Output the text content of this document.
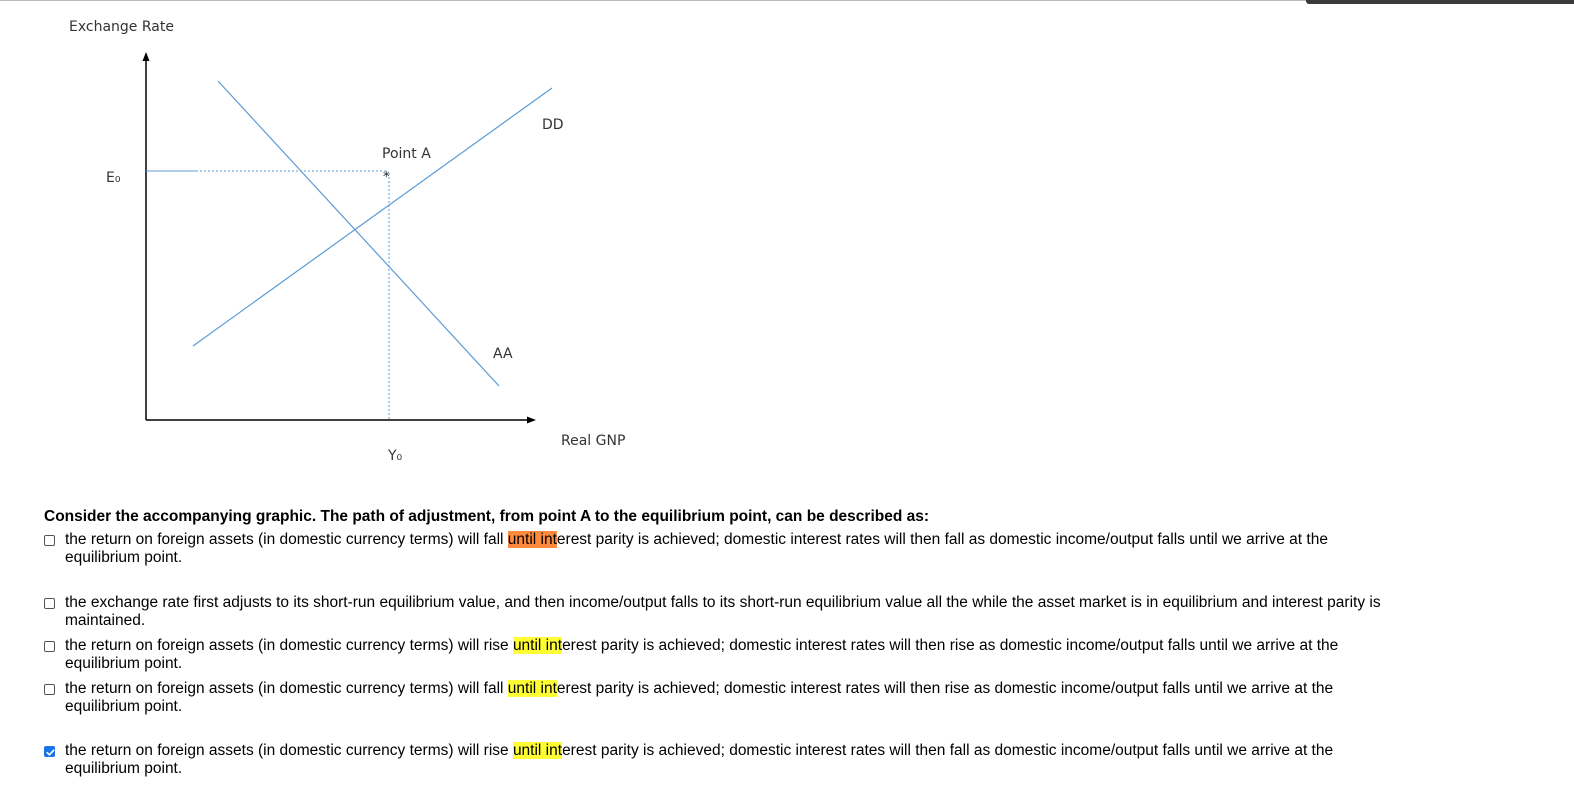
Exchange Rate
Real GNP
E₀
Y₀
Point A
*
DD
AA
Consider the accompanying graphic. The path of adjustment, from point A to the equilibrium point, can be described as:
the return on foreign assets (in domestic currency terms) will fall until interest parity is achieved; domestic interest rates will then fall as domestic income/output falls until we arrive at the equilibrium point.
the exchange rate first adjusts to its short-run equilibrium value, and then income/output falls to its short-run equilibrium value all the while the asset market is in equilibrium and interest parity is maintained.
the return on foreign assets (in domestic currency terms) will rise until interest parity is achieved; domestic interest rates will then rise as domestic income/output falls until we arrive at the equilibrium point.
the return on foreign assets (in domestic currency terms) will fall until interest parity is achieved; domestic interest rates will then rise as domestic income/output falls until we arrive at the equilibrium point.
the return on foreign assets (in domestic currency terms) will rise until interest parity is achieved; domestic interest rates will then fall as domestic income/output falls until we arrive at the equilibrium point.
